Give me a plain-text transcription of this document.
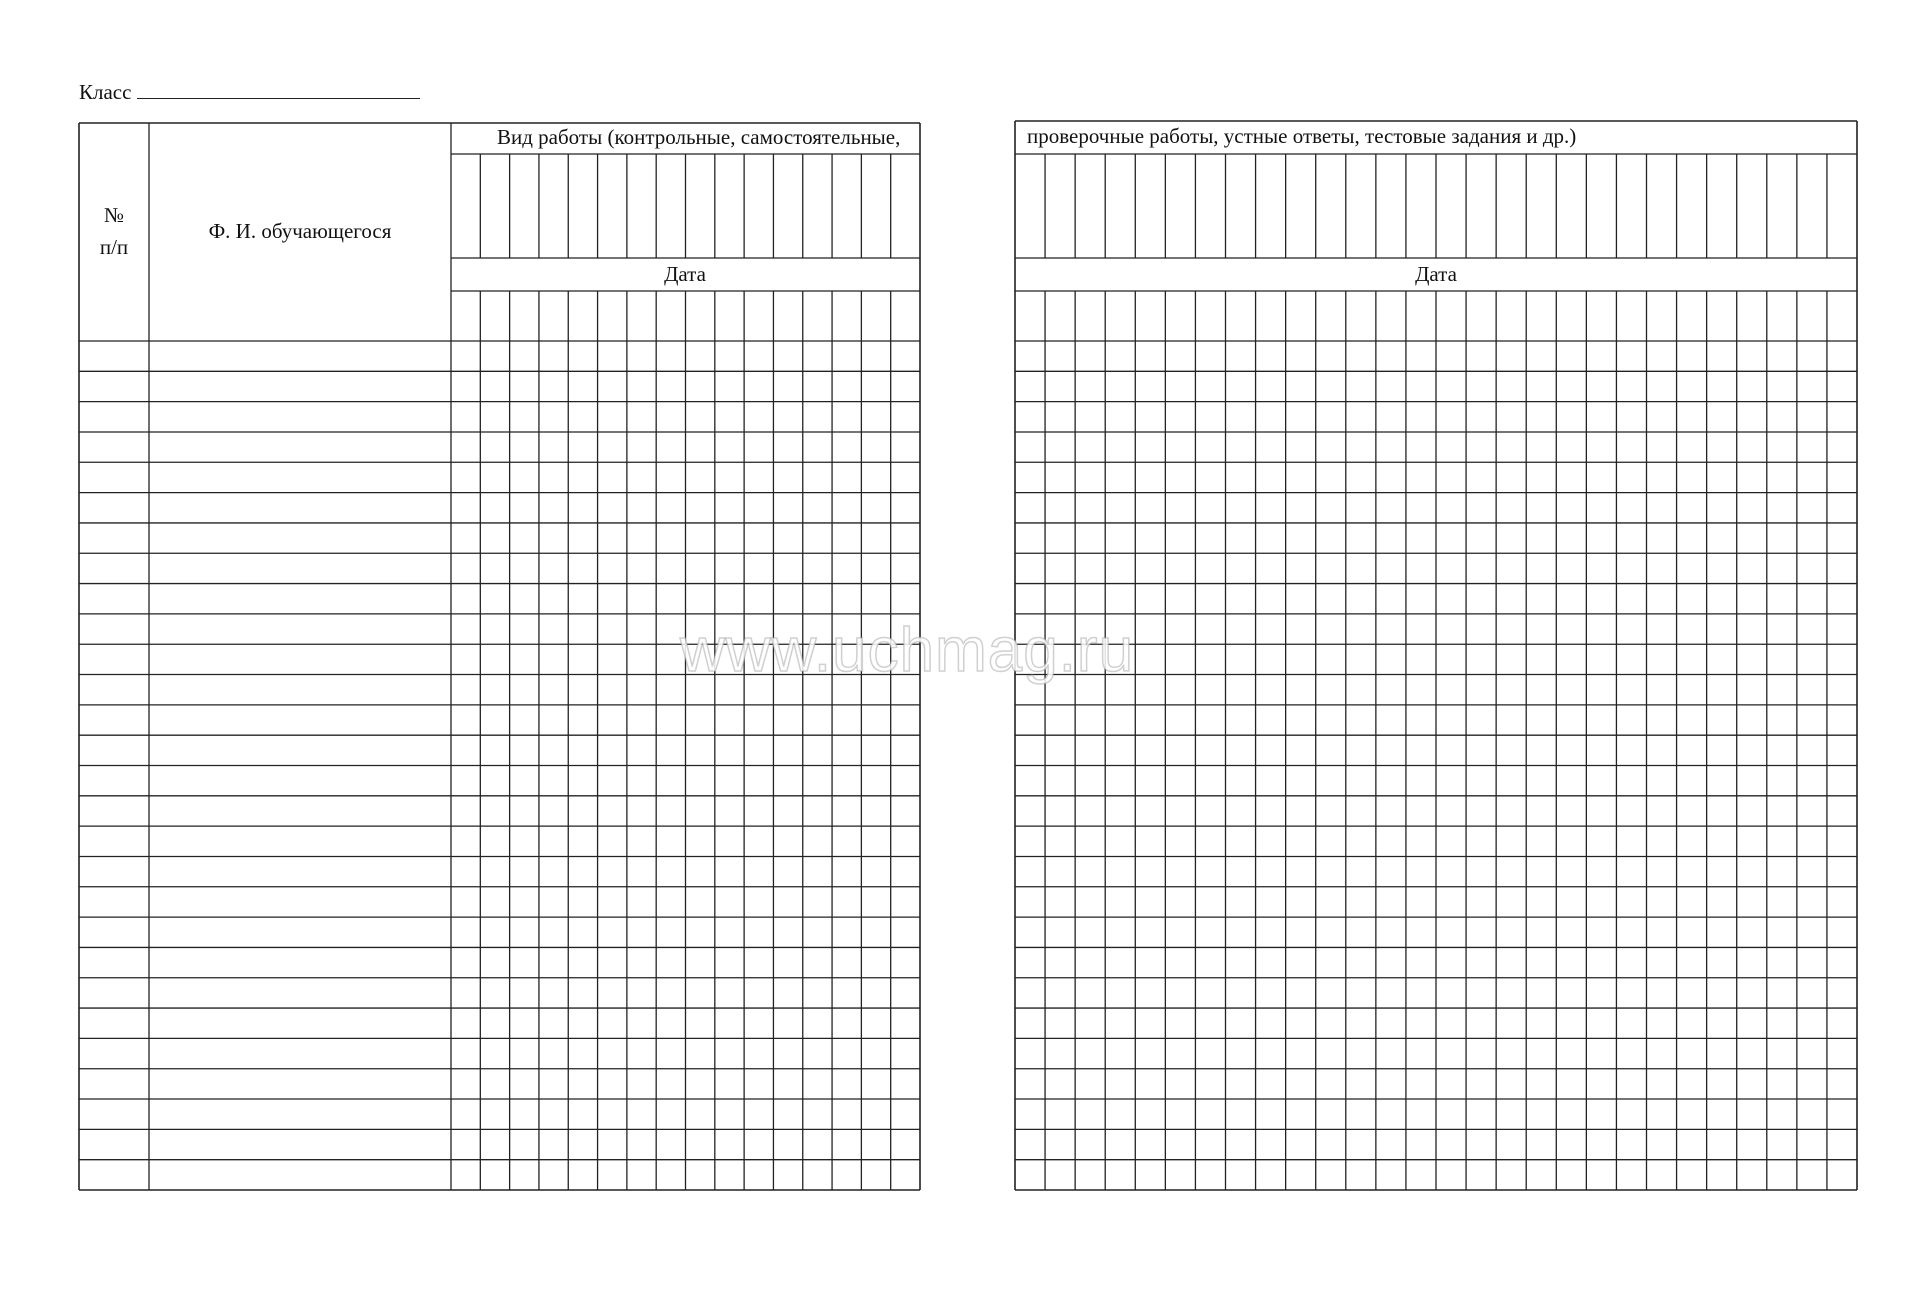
Класс
№
п/п
Ф. И. обучающегося
Вид работы (контрольные, самостоятельные,
Дата
проверочные работы, устные ответы, тестовые задания и др.)
Дата
www.uchmag.ru
